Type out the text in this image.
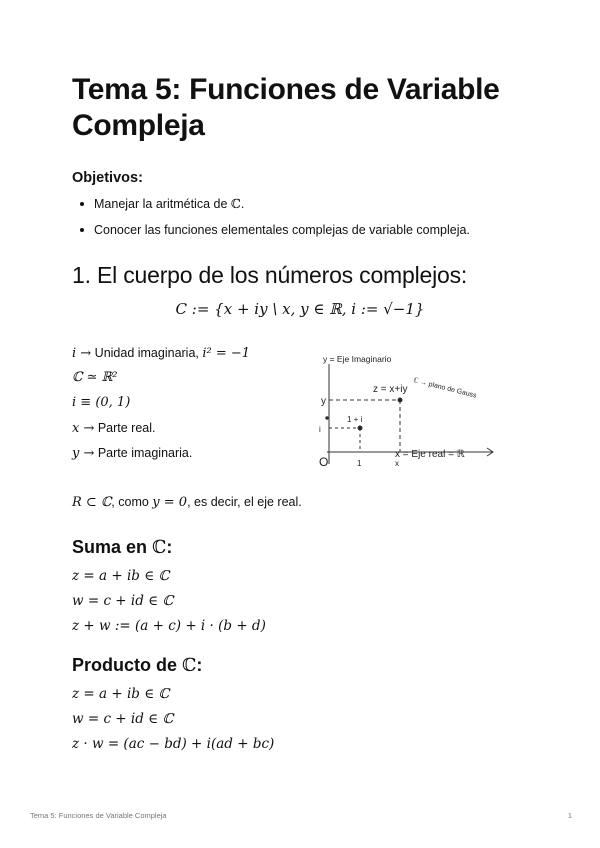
Tema 5: Funciones de Variable Compleja

Objetivos:

Manejar la aritmética de ℂ.
Conocer las funciones elementales complejas de variable compleja.
1. El cuerpo de los números complejos:
C := {x + iy \ x, y ∈ ℝ, i := √−1}
i → Unidad imaginaria, i² = −1
ℂ ≃ ℝ²
i ≡ (0, 1)
x → Parte real.
y → Parte imaginaria.
y = Eje Imaginario
x = Eje real = ℝ
ℂ → plano de Gauss
z = x+iy
1 + i
O
y
x
1
i
R ⊂ ℂ, como y = 0, es decir, el eje real.
Suma en ℂ:
z = a + ib ∈ ℂ
w = c + id ∈ ℂ
z + w := (a + c) + i · (b + d)
Producto de ℂ:
z = a + ib ∈ ℂ
w = c + id ∈ ℂ
z · w = (ac − bd) + i(ad + bc)
Tema 5: Funciones de Variable Compleja	1
